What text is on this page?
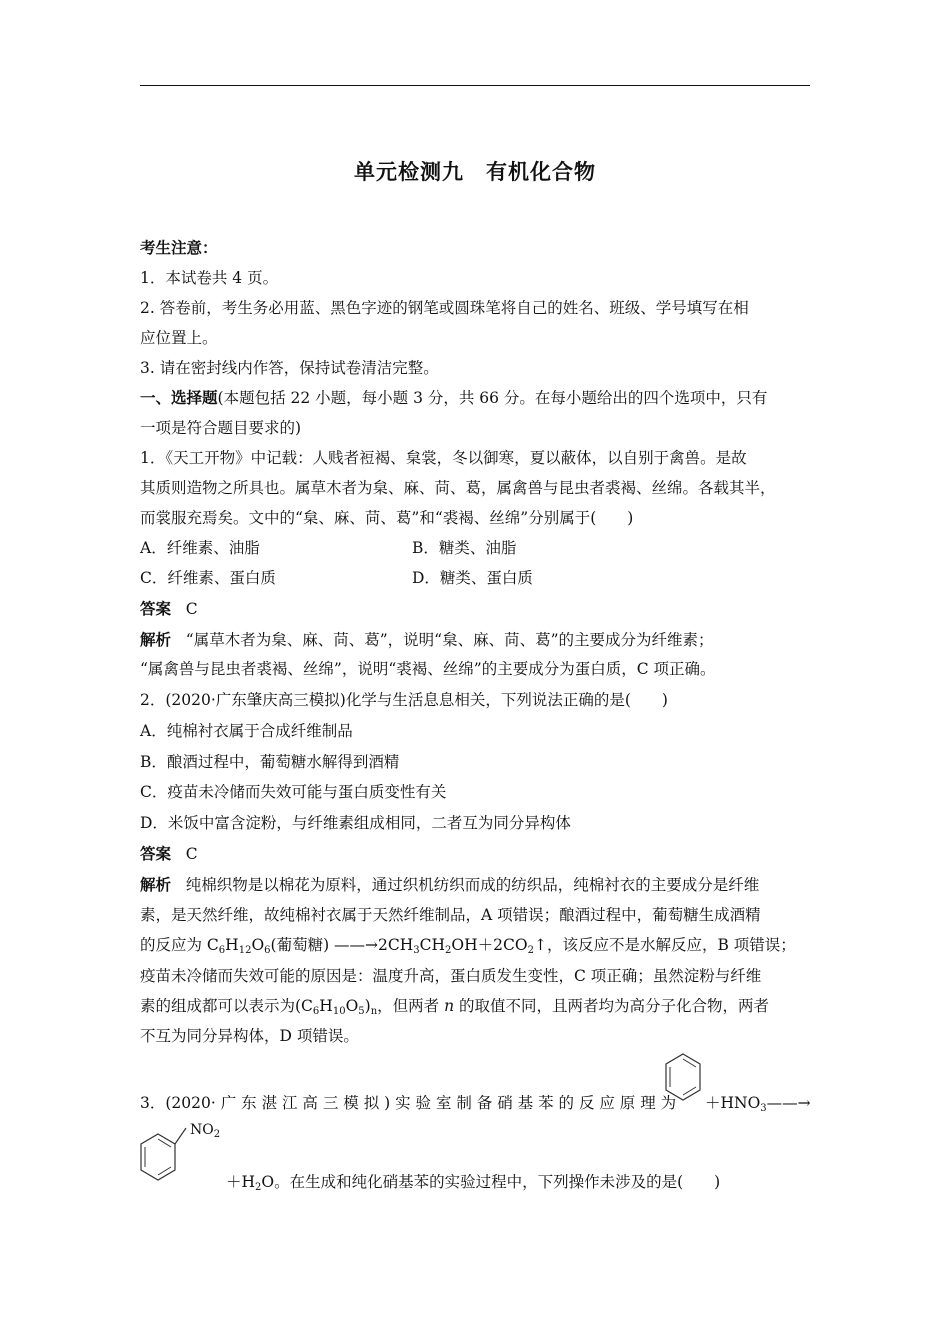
单元检测九　有机化合物
考生注意：
1．本试卷共 4 页。
2. 答卷前，考生务必用蓝、黑色字迹的钢笔或圆珠笔将自己的姓名、班级、学号填写在相
应位置上。
3. 请在密封线内作答，保持试卷清洁完整。
一、选择题(本题包括 22 小题，每小题 3 分，共 66 分。在每小题给出的四个选项中，只有
一项是符合题目要求的)
1．《天工开物》中记载：人贱者裋褐、枲裳，冬以御寒，夏以蔽体，以自别于禽兽。是故
其质则造物之所具也。属草木者为枲、麻、苘、葛，属禽兽与昆虫者裘褐、丝绵。各载其半，
而裳服充焉矣。文中的“枲、麻、苘、葛”和“裘褐、丝绵”分别属于(　　)
A．纤维素、油脂	B．糖类、油脂
C．纤维素、蛋白质	D．糖类、蛋白质
答案 C
解析 “属草木者为枲、麻、苘、葛”，说明“枲、麻、苘、葛”的主要成分为纤维素；
“属禽兽与昆虫者裘褐、丝绵”，说明“裘褐、丝绵”的主要成分为蛋白质，C 项正确。
2．(2020·广东肇庆高三模拟)化学与生活息息相关，下列说法正确的是(　　)
A．纯棉衬衣属于合成纤维制品
B．酿酒过程中，葡萄糖水解得到酒精
C．疫苗未冷储而失效可能与蛋白质变性有关
D．米饭中富含淀粉，与纤维素组成相同，二者互为同分异构体
答案 C
解析 纯棉织物是以棉花为原料，通过织机纺织而成的纺织品，纯棉衬衣的主要成分是纤维
素，是天然纤维，故纯棉衬衣属于天然纤维制品，A 项错误；酿酒过程中，葡萄糖生成酒精
的反应为 $C_6H_{12}O_6$(葡萄糖) $——\to 2CH_3CH_2OH+2CO_2↑$，该反应不是水解反应，B 项错误；
疫苗未冷储而失效可能的原因是：温度升高，蛋白质发生变性，C 项正确；虽然淀粉与纤维
素的组成都可以表示为$(C_6H_{10}O_5)_n$，但两者 n 的取值不同，且两者均为高分子化合物，两者
不互为同分异构体，D 项错误。
3．(2020· 广 东 湛 江 高 三 模 拟 ) 实 验 室 制 备 硝 基 苯 的 反 应 原 理 为 $+HNO_3——\to$
$NO_2$
$+H_2O$。在生成和纯化硝基苯的实验过程中，下列操作未涉及的是(　　)
